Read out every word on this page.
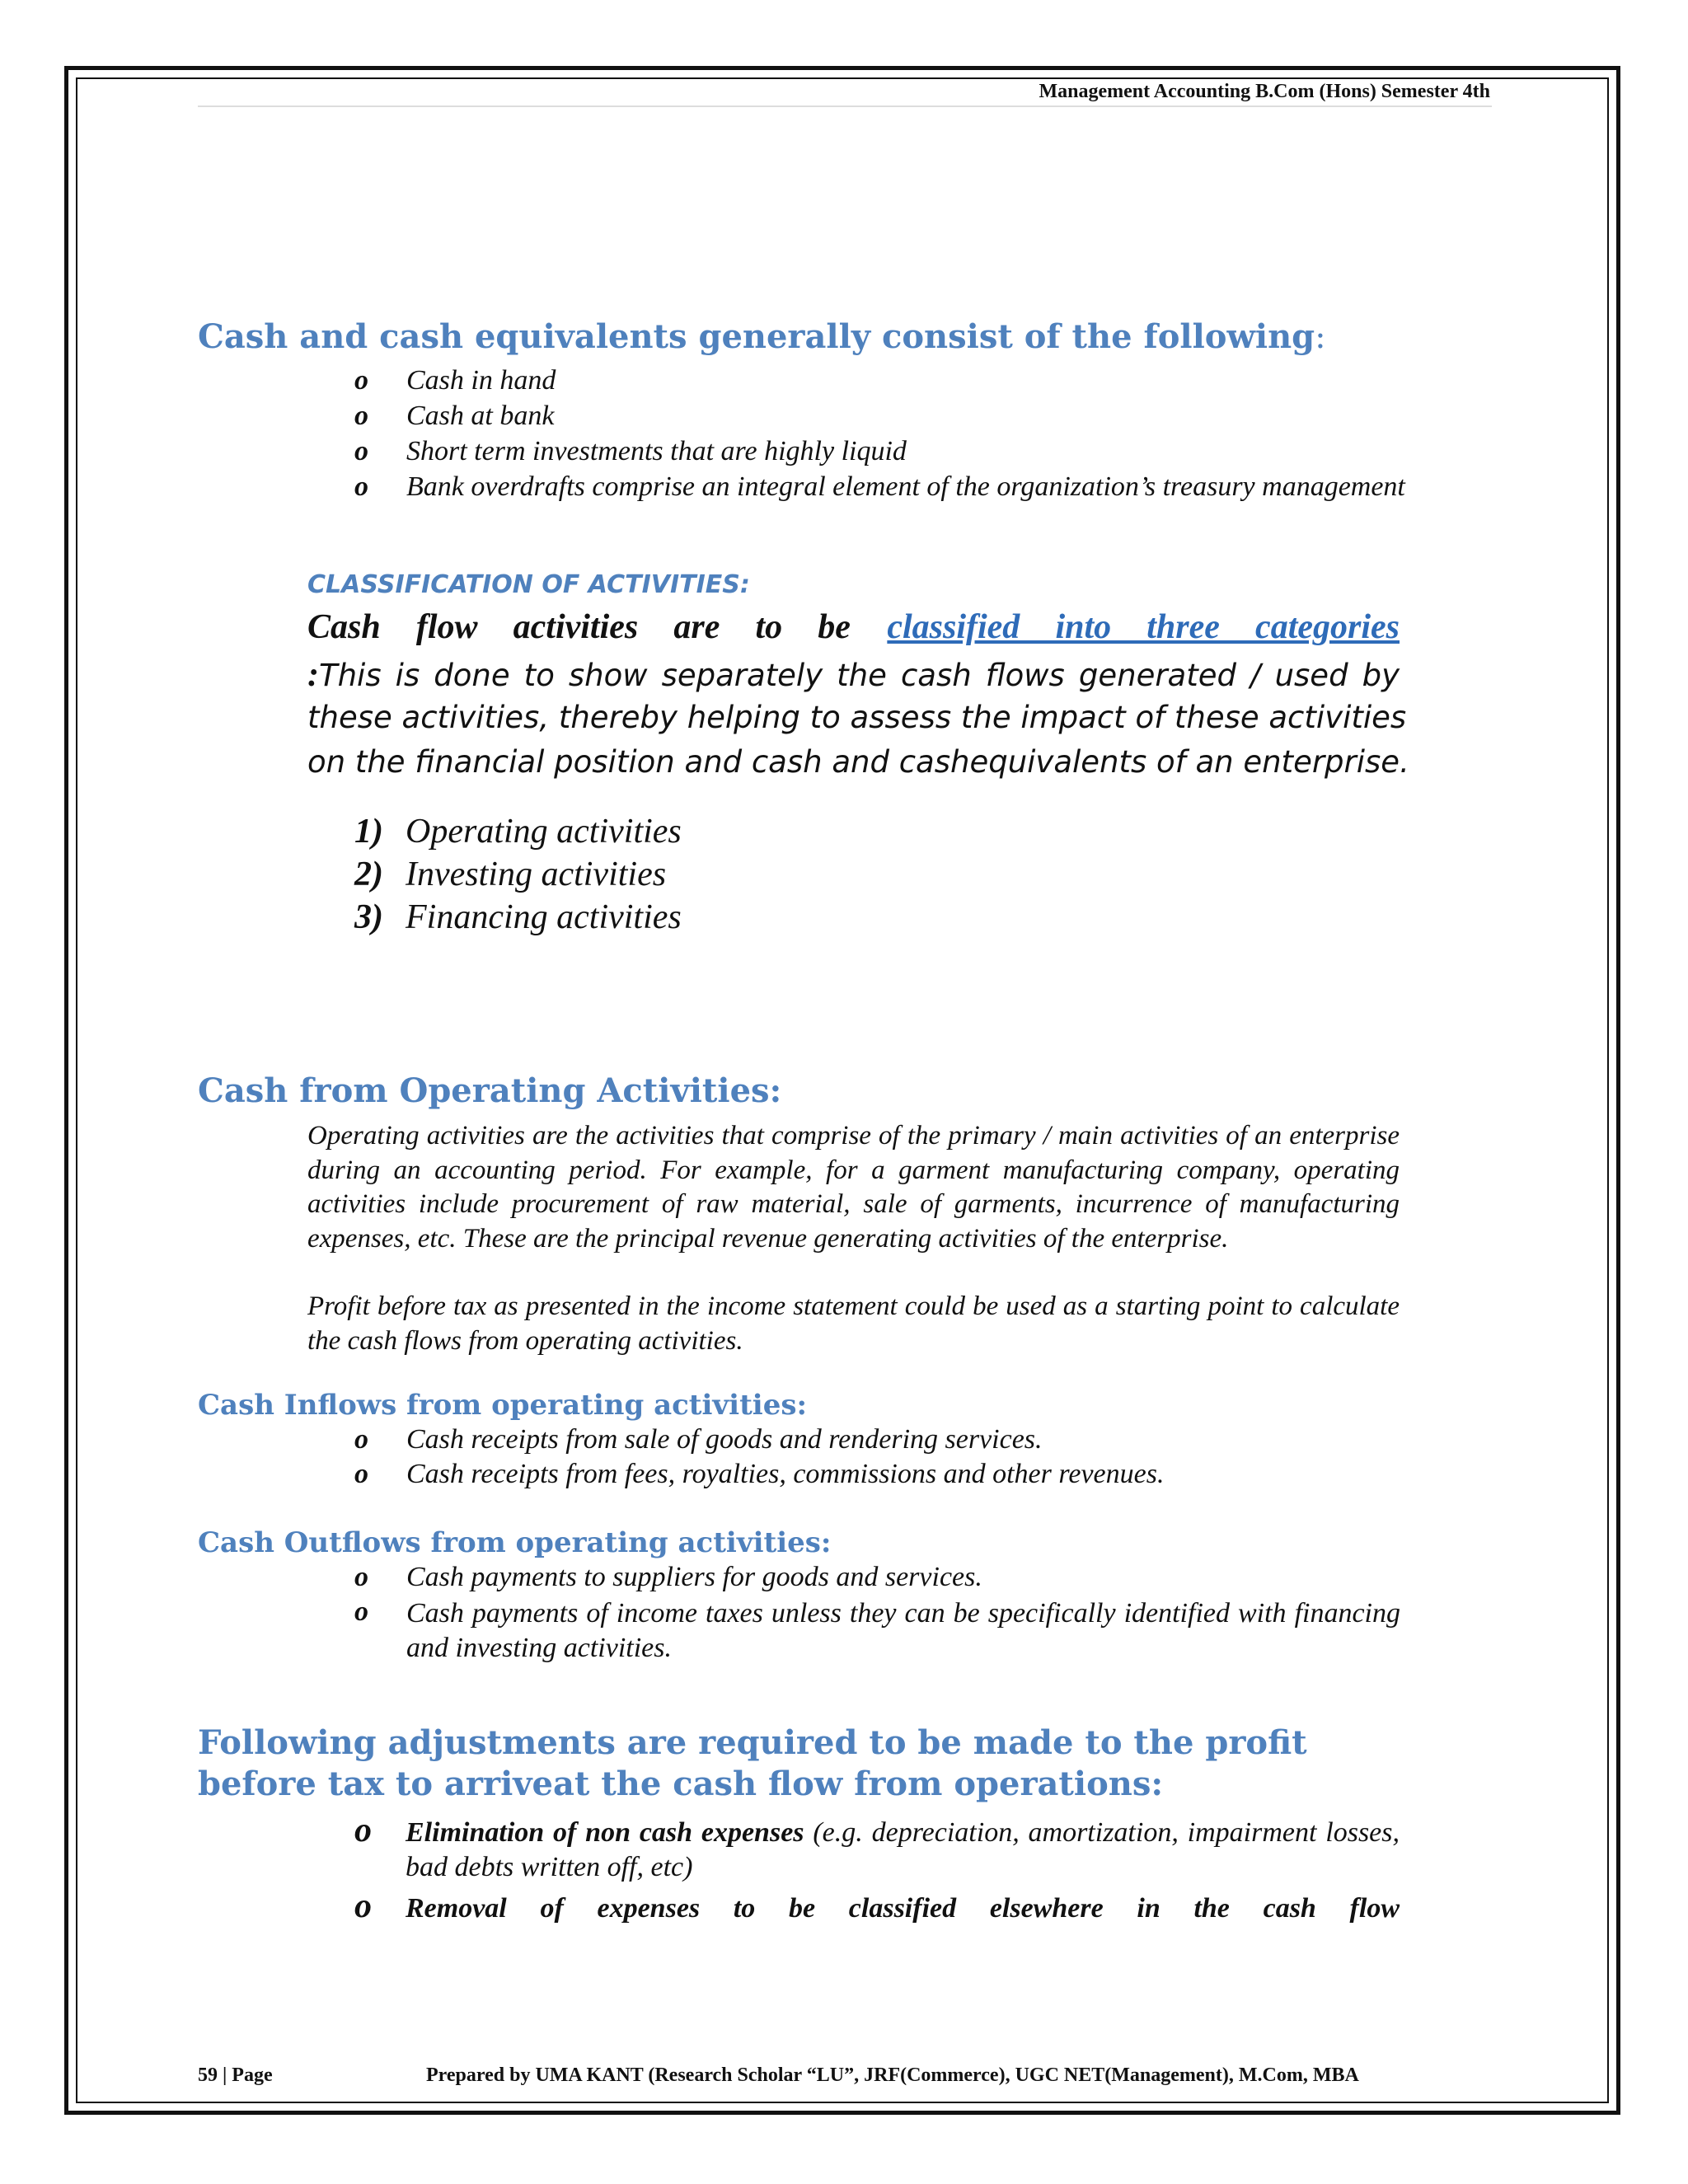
Management Accounting B.Com (Hons) Semester 4th
Cash and cash equivalents generally consist of the following:
o Cash in hand
o Cash at bank
o Short term investments that are highly liquid
o Bank overdrafts comprise an integral element of the organization’s treasury management
CLASSIFICATION OF ACTIVITIES:
Cash flow activities are to be classified into three categories
:This is done to show separately the cash flows generated / used by
these activities, thereby helping to assess the impact of these activities
on the financial position and cash and cashequivalents of an enterprise.
1) Operating activities
2) Investing activities
3) Financing activities
Cash from Operating Activities:
Operating activities are the activities that comprise of the primary / main activities of an enterprise during an accounting period. For example, for a garment manufacturing company, operating activities include procurement of raw material, sale of garments, incurrence of manufacturing expenses, etc. These are the principal revenue generating activities of the enterprise.
Profit before tax as presented in the income statement could be used as a starting point to calculate the cash flows from operating activities.
Cash Inflows from operating activities:
o Cash receipts from sale of goods and rendering services.
o Cash receipts from fees, royalties, commissions and other revenues.
Cash Outflows from operating activities:
o Cash payments to suppliers for goods and services.
o Cash payments of income taxes unless they can be specifically identified with financing and investing activities.
Following adjustments are required to be made to the profit
before tax to arriveat the cash flow from operations:
o Elimination of non cash expenses (e.g. depreciation, amortization, impairment losses, bad debts written off, etc)
o Removal of expenses to be classified elsewhere in the cash flow
59 | Page	Prepared by UMA KANT (Research Scholar “LU”, JRF(Commerce), UGC NET(Management), M.Com, MBA
